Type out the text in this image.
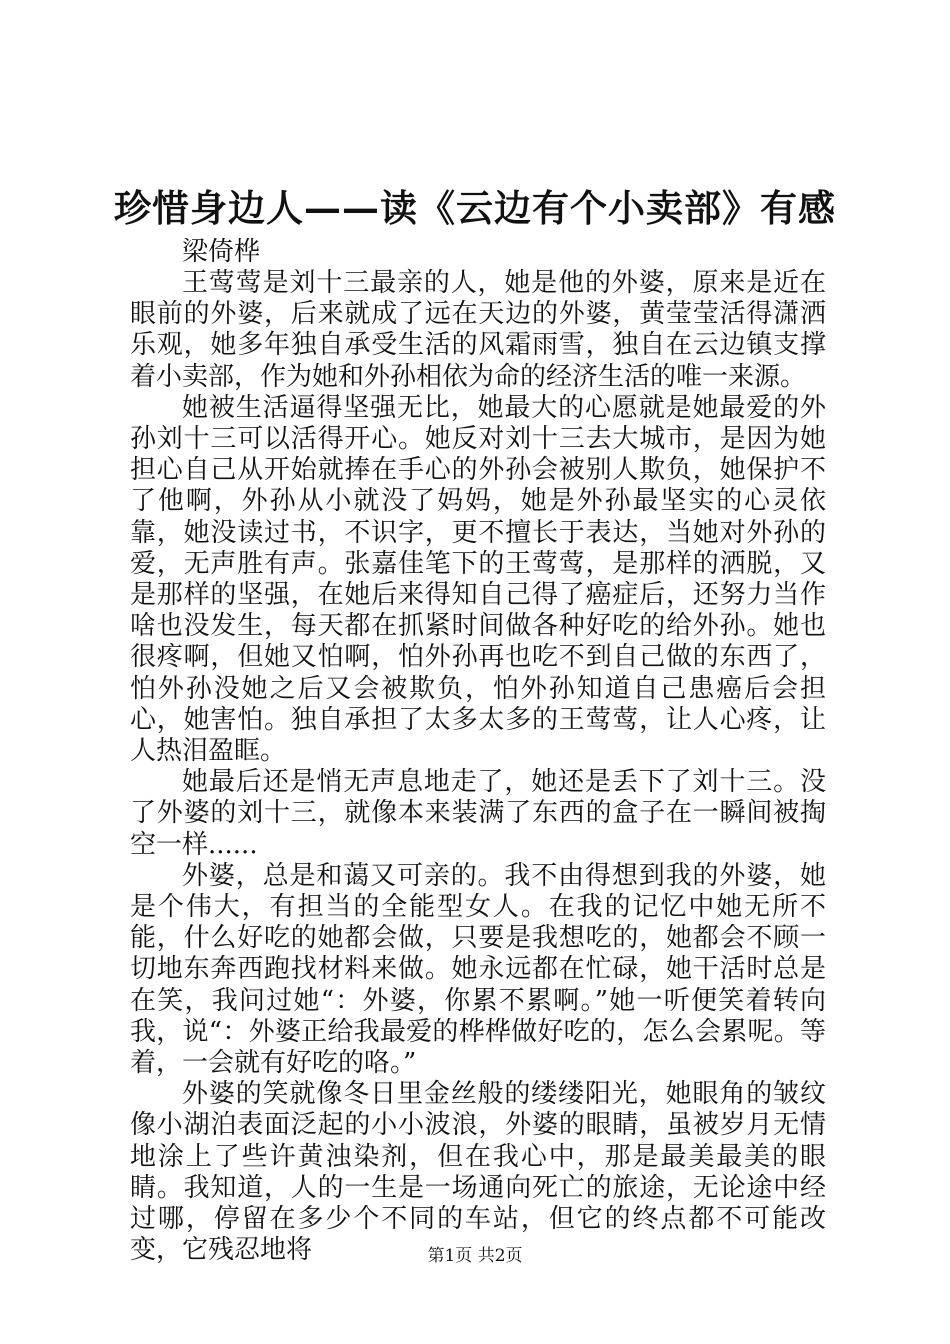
珍惜身边人——读《云边有个小卖部》有感

梁倚桦

王莺莺是刘十三最亲的人，她是他的外婆，原来是近在眼前的外婆，后来就成了远在天边的外婆，黄莹莹活得潇洒乐观，她多年独自承受生活的风霜雨雪，独自在云边镇支撑着小卖部，作为她和外孙相依为命的经济生活的唯一来源。

她被生活逼得坚强无比，她最大的心愿就是她最爱的外孙刘十三可以活得开心。她反对刘十三去大城市，是因为她担心自己从开始就捧在手心的外孙会被别人欺负，她保护不了他啊，外孙从小就没了妈妈，她是外孙最坚实的心灵依靠，她没读过书，不识字，更不擅长于表达，当她对外孙的爱，无声胜有声。张嘉佳笔下的王莺莺，是那样的洒脱，又是那样的坚强，在她后来得知自己得了癌症后，还努力当作啥也没发生，每天都在抓紧时间做各种好吃的给外孙。她也很疼啊，但她又怕啊，怕外孙再也吃不到自己做的东西了，怕外孙没她之后又会被欺负，怕外孙知道自己患癌后会担心，她害怕。独自承担了太多太多的王莺莺，让人心疼，让人热泪盈眶。

她最后还是悄无声息地走了，她还是丢下了刘十三。没了外婆的刘十三，就像本来装满了东西的盒子在一瞬间被掏空一样......

外婆，总是和蔼又可亲的。我不由得想到我的外婆，她是个伟大，有担当的全能型女人。在我的记忆中她无所不能，什么好吃的她都会做，只要是我想吃的，她都会不顾一切地东奔西跑找材料来做。她永远都在忙碌，她干活时总是在笑，我问过她“：外婆，你累不累啊。”她一听便笑着转向我，说“：外婆正给我最爱的桦桦做好吃的，怎么会累呢。等着，一会就有好吃的咯。”

外婆的笑就像冬日里金丝般的缕缕阳光，她眼角的皱纹像小湖泊表面泛起的小小波浪，外婆的眼睛，虽被岁月无情地涂上了些许黄浊染剂，但在我心中，那是最美最美的眼睛。我知道，人的一生是一场通向死亡的旅途，无论途中经过哪，停留在多少个不同的车站，但它的终点都不可能改变，它残忍地将	第1页 共2页
